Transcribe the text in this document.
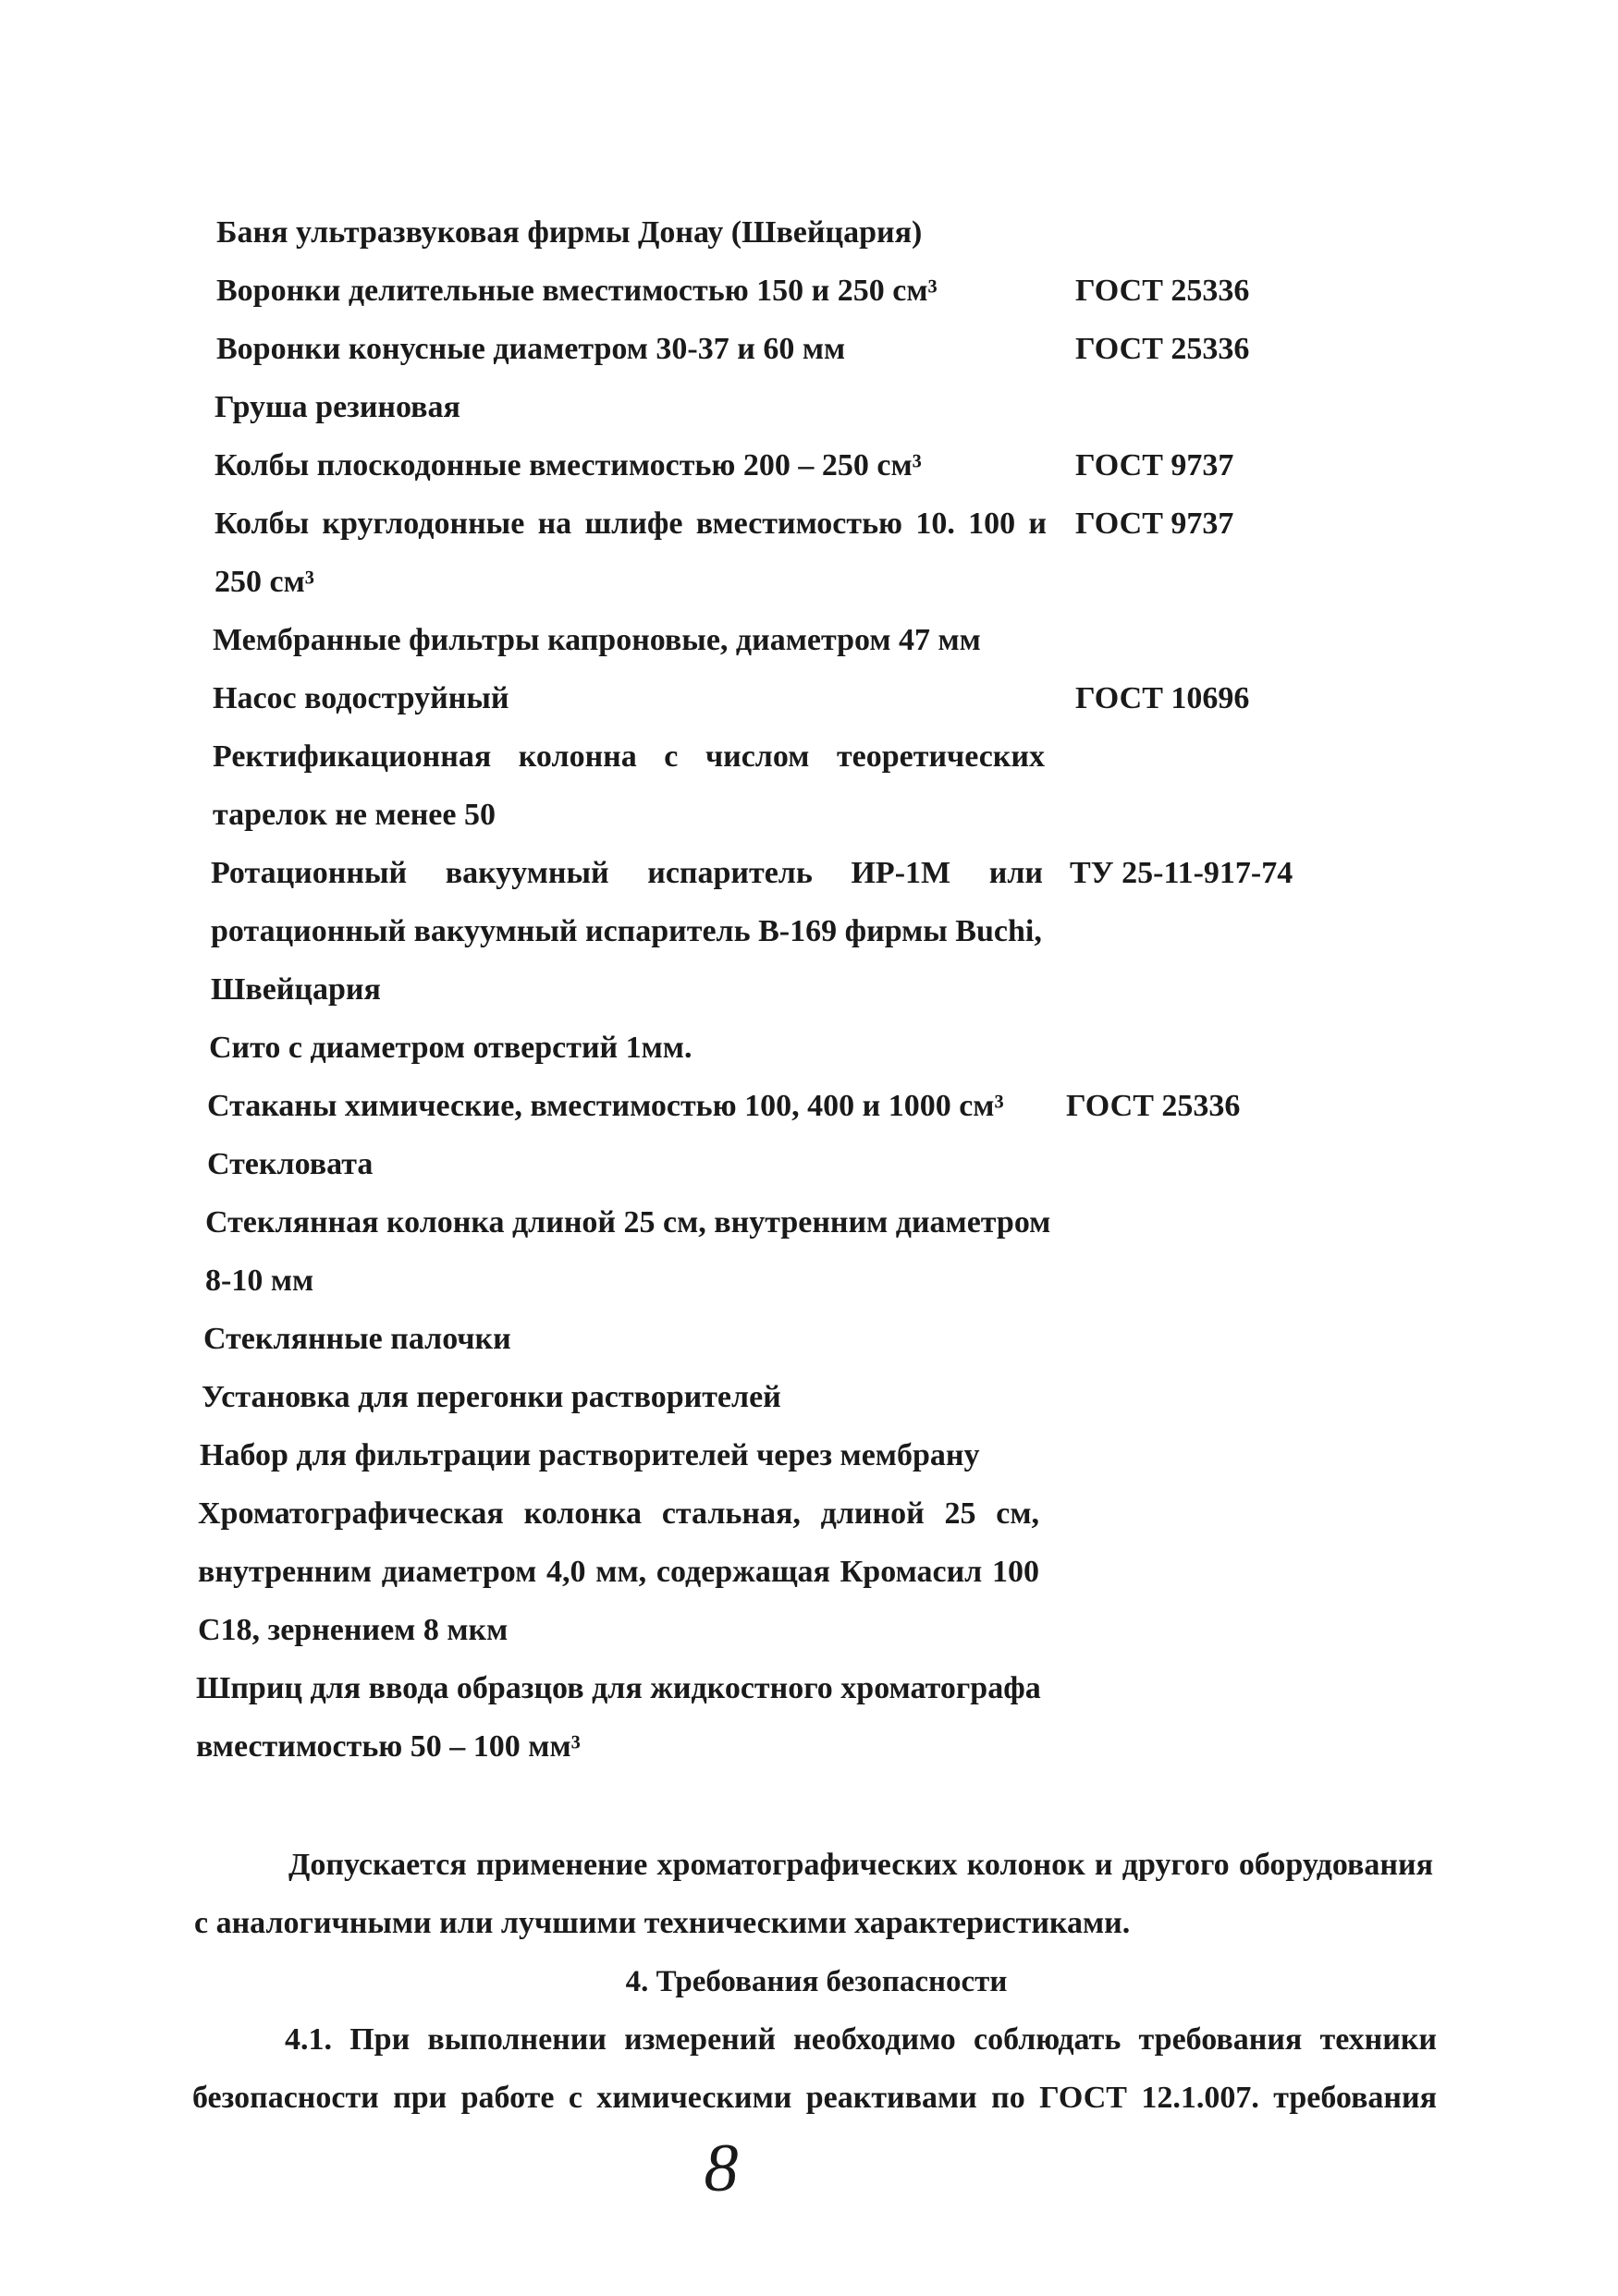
Баня ультразвуковая фирмы Донау (Швейцария)
Воронки делительные вместимостью 150 и 250 см³	ГОСТ 25336
Воронки конусные диаметром 30-37 и 60 мм	ГОСТ 25336
Груша резиновая
Колбы плоскодонные вместимостью 200 – 250 см³	ГОСТ 9737
Колбы круглодонные на шлифе вместимостью 10. 100 и ГОСТ 9737
250 см³
Мембранные фильтры капроновые, диаметром 47 мм
Насос водоструйный	ГОСТ 10696
Ректификационная колонна с числом теоретических
тарелок не менее 50
Ротационный вакуумный испаритель ИР-1М или ТУ 25-11-917-74
ротационный вакуумный испаритель В-169 фирмы Buchi,
Швейцария
Сито с диаметром отверстий 1мм.
Стаканы химические, вместимостью 100, 400 и 1000 см³ ГОСТ 25336
Стекловата
Стеклянная колонка длиной 25 см, внутренним диаметром
8-10 мм
Стеклянные палочки
Установка для перегонки растворителей
Набор для фильтрации растворителей через мембрану
Хроматографическая колонка стальная, длиной 25 см,
внутренним диаметром 4,0 мм, содержащая Кромасил 100
С18, зернением 8 мкм
Шприц для ввода образцов для жидкостного хроматографа
вместимостью 50 – 100 мм³
Допускается применение хроматографических колонок и другого оборудования
с аналогичными или лучшими техническими характеристиками.
4. Требования безопасности
4.1. При выполнении измерений необходимо соблюдать требования техники
безопасности при работе с химическими реактивами по ГОСТ 12.1.007. требования
8
